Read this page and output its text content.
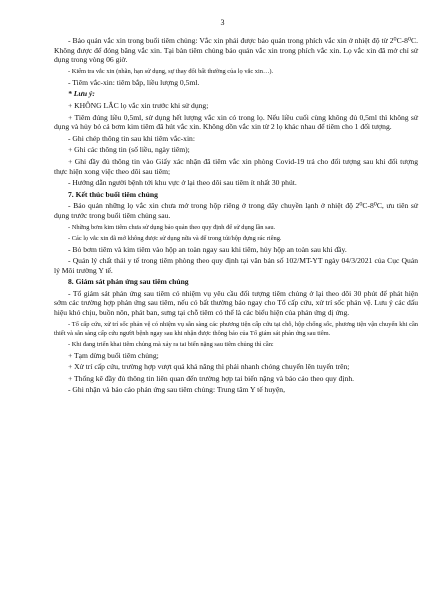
3

- Bảo quản vắc xin trong buổi tiêm chủng: Vắc xin phải được bảo quản trong phích vắc xin ở nhiệt độ từ 2⁰C-8⁰C. Không được để đóng băng vắc xin. Tại bàn tiêm chủng bảo quản vắc xin trong phích vắc xin. Lọ vắc xin đã mở chỉ sử dụng trong vòng 06 giờ.

- Kiểm tra vắc xin (nhãn, hạn sử dụng, sự thay đổi bất thường của lọ vắc xin…).

- Tiêm vắc-xin: tiêm bắp, liều lượng 0,5ml.

* Lưu ý:

+ KHÔNG LẮC lọ vắc xin trước khi sử dụng;

+ Tiêm đúng liều 0,5ml, sử dụng hết lượng vắc xin có trong lọ. Nếu liều cuối cùng không đủ 0,5ml thì không sử dụng và hủy bỏ cả bơm kim tiêm đã hút vắc xin. Không dồn vắc xin từ 2 lọ khác nhau để tiêm cho 1 đối tượng.

- Ghi chép thông tin sau khi tiêm vắc-xin:

+ Ghi các thông tin (số liều, ngày tiêm);

+ Ghi đầy đủ thông tin vào Giấy xác nhận đã tiêm vắc xin phòng Covid-19 trả cho đối tượng sau khi đối tượng thực hiện xong việc theo dõi sau tiêm;

- Hướng dẫn người bệnh tới khu vực ở lại theo dõi sau tiêm ít nhất 30 phút.

7. Kết thúc buổi tiêm chủng

- Bảo quản những lọ vắc xin chưa mở trong hộp riêng ở trong dây chuyền lạnh ở nhiệt độ 2⁰C-8⁰C, ưu tiên sử dụng trước trong buổi tiêm chủng sau.

- Những bơm kim tiêm chưa sử dụng bảo quản theo quy định để sử dụng lần sau.

- Các lọ vắc xin đã mở không được sử dụng nữa và để trong túi/hộp đựng rác riêng.

- Bỏ bơm tiêm và kim tiêm vào hộp an toàn ngay sau khi tiêm, hủy hộp an toàn sau khi đầy.

- Quản lý chất thải y tế trong tiêm phòng theo quy định tại văn bản số 102/MT-YT ngày 04/3/2021 của Cục Quản lý Môi trường Y tế.

8. Giám sát phản ứng sau tiêm chủng

- Tổ giám sát phản ứng sau tiêm có nhiệm vụ yêu cầu đối tượng tiêm chủng ở lại theo dõi 30 phút để phát hiện sớm các trường hợp phản ứng sau tiêm, nếu có bất thường báo ngay cho Tổ cấp cứu, xử trí sốc phản vệ. Lưu ý các dấu hiệu khó chịu, buồn nôn, phát ban, sưng tại chỗ tiêm có thể là các biểu hiện của phản ứng dị ứng.

- Tổ cấp cứu, xử trí sốc phản vệ có nhiệm vụ sẵn sàng các phương tiện cấp cứu tại chỗ, hộp chống sốc, phương tiện vận chuyển khi cần thiết và sẵn sàng cấp cứu người bệnh ngay sau khi nhận được thông báo của Tổ giám sát phản ứng sau tiêm.

- Khi đang triển khai tiêm chủng mà xảy ra tai biến nặng sau tiêm chủng thì cần:

+ Tạm dừng buổi tiêm chủng;

+ Xử trí cấp cứu, trường hợp vượt quá khả năng thì phải nhanh chóng chuyển lên tuyến trên;

+ Thống kê đầy đủ thông tin liên quan đến trường hợp tai biến nặng và báo cáo theo quy định.

- Ghi nhận và báo cáo phản ứng sau tiêm chủng: Trung tâm Y tế huyện,
